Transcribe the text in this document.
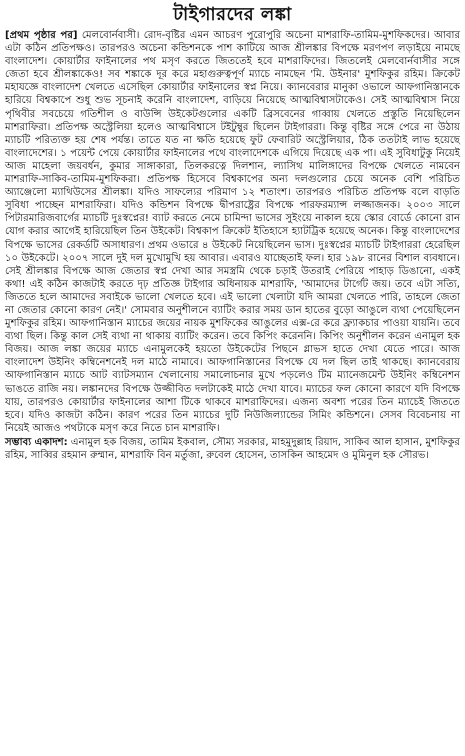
টাইগারদের লঙ্কা

[প্রথম পৃষ্ঠার পর] মেলবোর্নবাসী। রোদ-বৃষ্টির এমন আচরণ পুরোপুরি অচেনা মাশরাফি-তামিম-মুশফিকদের। আবার এটা কঠিন প্রতিপক্ষও। তারপরও অচেনা কন্ডিশনকে পাশ কাটিয়ে আজ শ্রীলঙ্কার বিপক্ষে মরণপণ লড়াইয়ে নামছে বাংলাদেশ। কোয়ার্টার ফাইনালের পথ মসৃণ করতে জিততেই হবে মাশরাফিদের। জিতলেই মেলবোর্নবাসীর সঙ্গে জেতা হবে শ্রীলঙ্কাকেও! সব শঙ্কাকে দূর করে মহাগুরুত্বপূর্ণ ম্যাচে নামছেন 'মি. উইনার' মুশফিকুর রহিম। ক্রিকেট মহাযজ্ঞে বাংলাদেশ খেলতে এসেছিল কোয়ার্টার ফাইনালের স্বপ্ন নিয়ে। ক্যানবেরার মানুকা ওভালে আফগানিস্তানকে হারিয়ে বিশ্বকাপে শুধু শুভ সূচনাই করেনি বাংলাদেশ, বাড়িয়ে নিয়েছে আত্মবিশ্বাসটাকেও। সেই আত্মবিশ্বাস নিয়ে পৃথিবীর সবচেয়ে গতিশীল ও বাউন্সি উইকেটগুলোর একটি ব্রিসবেনের গাব্বায় খেলতে প্রস্তুতি নিয়েছিলেন মাশরাফিরা। প্রতিপক্ষ অস্ট্রেলিয়া হলেও আত্মবিশ্বাসে টইটুম্বুর ছিলেন টাইগাররা। কিন্তু বৃষ্টির সঙ্গে পেরে না উঠায় ম্যাচটি পরিত্যক্ত হয় শেষ পর্যন্ত। তাতে যত না ক্ষতি হয়েছে ফুট ফেবারিট অস্ট্রেলিয়ার, ঠিক ততটাই লাভ হয়েছে বাংলাদেশের। ১ পয়েন্ট পেয়ে কোয়ার্টার ফাইনালের পথে বাংলাদেশকে এগিয়ে দিয়েছে এক পা। এই সুবিধাটুকু নিয়েই আজ মাহেলা জয়বর্ধন, কুমার সাঙ্গাকারা, তিলকরত্নে দিলশান, ল্যাসিথ মালিঙ্গাদের বিপক্ষে খেলতে নামবেন মাশরাফি-সাকিব-তামিম-মুশফিকরা। প্রতিপক্ষ হিসেবে বিশ্বকাপের অন্য দলগুলোর চেয়ে অনেক বেশি পরিচিত অ্যাঞ্জেলো ম্যাথিউসের শ্রীলঙ্কা। যদিও সাফল্যের পরিমাণ ১২ শতাংশ। তারপরও পরিচিত প্রতিপক্ষ বলে বাড়তি সুবিধা পাচ্ছেন মাশরাফিরা। যদিও কন্ডিশন বিপক্ষে দ্বীপরাষ্ট্রের বিপক্ষে পারফরম্যান্স লজ্জাজনক। ২০০৩ সালে পিটারমারিজবার্গের ম্যাচটি দুঃস্বপ্নের! ব্যাট করতে নেমে চামিন্দা ভাসের সুইংয়ে নাকাল হয়ে স্কোর বোর্ডে কোনো রান যোগ করার আগেই হারিয়েছিল তিন উইকেট। বিশ্বকাপ ক্রিকেট ইতিহাসে হ্যাটট্রিক হয়েছে অনেক। কিন্তু বাংলাদেশের বিপক্ষে ভাসের রেকর্ডটি অসাধারণ। প্রথম ওভারে ৪ উইকেট নিয়েছিলেন ভাস। দুঃস্বপ্নের ম্যাচটি টাইগাররা হেরেছিল ১০ উইকেটে। ২০০৭ সালে দুই দল মুখোমুখি হয় আবার। এবারও যাচ্ছেতাই ফল। হার ১৯৮ রানের বিশাল ব্যবধানে। সেই শ্রীলঙ্কার বিপক্ষে আজ জেতার স্বপ্ন দেখা আর সমস্ত্রমি থেকে চড়াই উতরাই পেরিয়ে পাহাড় ডিঙানো, একই কথা! এই কঠিন কাজটাই করতে দৃঢ় প্রতিজ্ঞ টাইগার অধিনায়ক মাশরাফি, 'আমাদের টার্গেট জয়। তবে এটা সত্যি, জিততে হলে আমাদের সবাইকে ভালো খেলতে হবে। এই ভালো খেলাটা যদি আমরা খেলতে পারি, তাহলে জেতা না জেতার কোনো কারণ নেই।' সোমবার অনুশীলনে ব্যাটিং করার সময় ডান হাতের বুড়ো আঙুলে ব্যথা পেয়েছিলেন মুশফিকুর রহিম। আফগানিস্তান ম্যাচের জয়ের নায়ক মুশফিকের আঙুলের এক্স-রে করে ফ্র্যাকচার পাওয়া যায়নি। তবে ব্যথা ছিল। কিন্তু কাল সেই ব্যথা না থাকায় ব্যাটিং করেন। তবে কিপিং করেননি। কিপিং অনুশীলন করেন এনামুল হক বিজয়। আজ লঙ্কা জয়ের ম্যাচে এনামুলকেই হয়তো উইকেটের পিছনে গ্লাভস হাতে দেখা যেতে পারে। আজ বাংলাদেশ উইনিং কম্বিনেশনেই দল মাঠে নামাবে। আফগানিস্তানের বিপক্ষে যে দল ছিল তাই থাকছে। ক্যানবেরায় আফগানিস্তান ম্যাচে আট ব্যাটসম্যান খেলানোয় সমালোচনার মুখে পড়লেও টিম ম্যানেজমেন্ট উইনিং কম্বিনেশন ভাঙতে রাজি নয়। লঙ্কানদের বিপক্ষে উজ্জীবিত দলটাকেই মাঠে দেখা যাবে। ম্যাচের ফল কোনো কারণে যদি বিপক্ষে যায়, তারপরও কোয়ার্টার ফাইনালের আশা টিকে থাকবে মাশরাফিদের। এজন্য অবশ্য পরের তিন ম্যাচেই জিততে হবে। যদিও কাজটা কঠিন। কারণ পরের তিন ম্যাচের দুটি নিউজিল্যান্ডের সিমিং কন্ডিশনে। সেসব বিবেচনায় না নিয়েই আজও পথটাকে মসৃণ করে নিতে চান মাশরাফি।

সম্ভাব্য একাদশ: এনামুল হক বিজয়, তামিম ইকবাল, সৌম্য সরকার, মাহমুদুল্লাহ রিয়াদ, সাকিব আল হাসান, মুশফিকুর রহিম, সাব্বির রহমান রুম্মান, মাশরাফি বিন মর্তুজা, রুবেল হোসেন, তাসকিন আহমেদ ও মুমিনুল হক সৌরভ।
